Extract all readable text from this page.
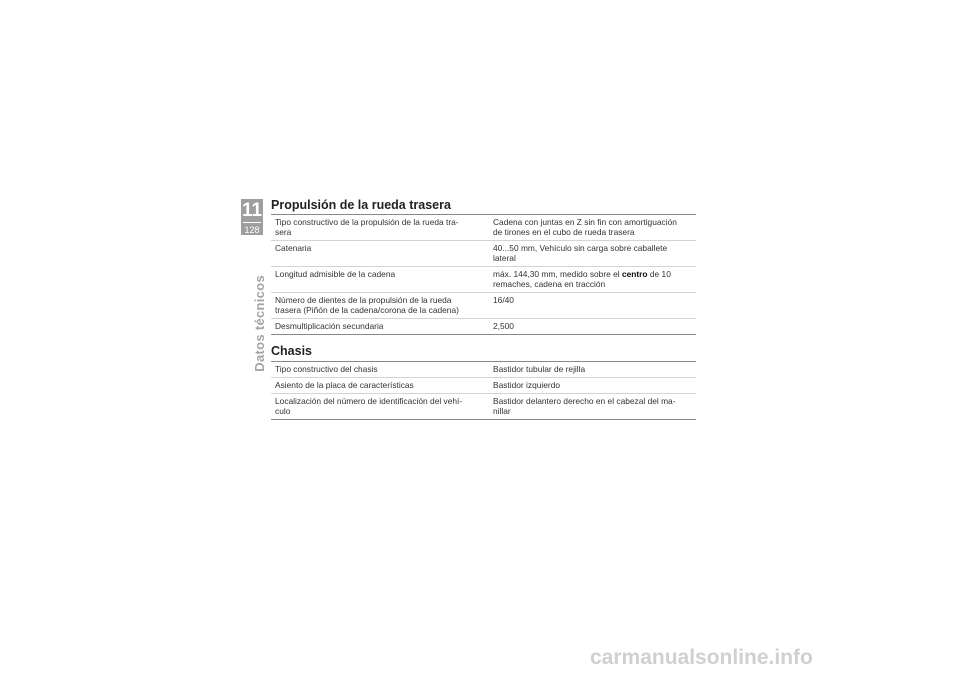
11
128
Datos técnicos
Propulsión de la rueda trasera
Tipo constructivo de la propulsión de la rueda tra-
sera	Cadena con juntas en Z sin fin con amortiguación
de tirones en el cubo de rueda trasera
Catenaria	40...50 mm, Vehículo sin carga sobre caballete
lateral
Longitud admisible de la cadena	máx. 144,30 mm, medido sobre el centro de 10
remaches, cadena en tracción
Número de dientes de la propulsión de la rueda
trasera (Piñón de la cadena/corona de la cadena)	16/40
Desmultiplicación secundaria	2,500
Chasis
Tipo constructivo del chasis	Bastidor tubular de rejilla
Asiento de la placa de características	Bastidor izquierdo
Localización del número de identificación del vehí-
culo	Bastidor delantero derecho en el cabezal del ma-
nillar
carmanualsonline.info
